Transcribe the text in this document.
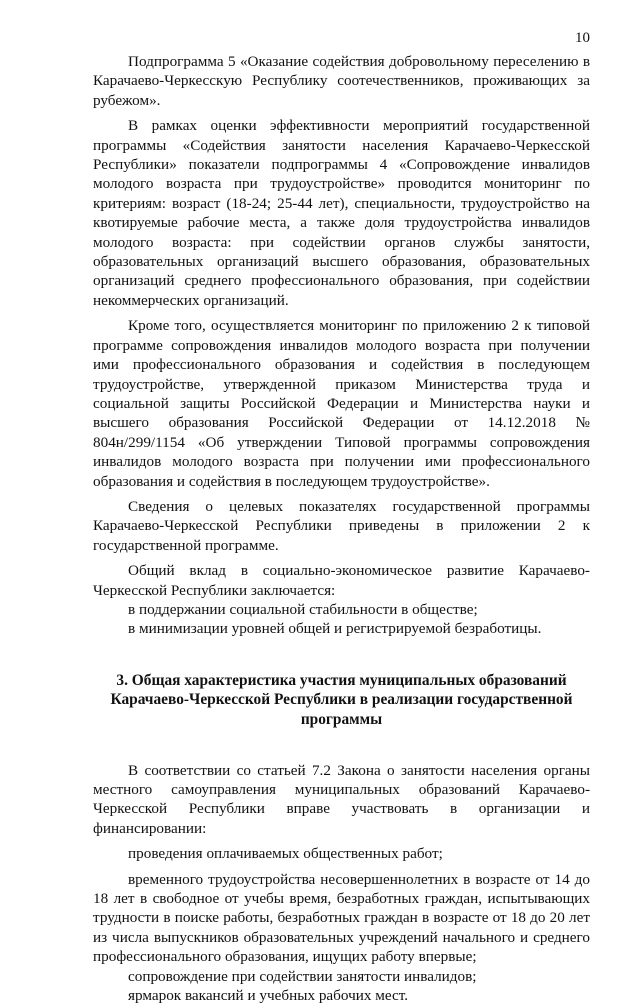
10

Подпрограмма 5 «Оказание содействия добровольному переселению в Карачаево-Черкесскую Республику соотечественников, проживающих за рубежом».

В рамках оценки эффективности мероприятий государственной программы «Содействия занятости населения Карачаево-Черкесской Республики» показатели подпрограммы 4 «Сопровождение инвалидов молодого возраста при трудоустройстве» проводится мониторинг по критериям: возраст (18-24; 25-44 лет), специальности, трудоустройство на квотируемые рабочие места, а также доля трудоустройства инвалидов молодого возраста: при содействии органов службы занятости, образовательных организаций высшего образования, образовательных организаций среднего профессионального образования, при содействии некоммерческих организаций.

Кроме того, осуществляется мониторинг по приложению 2 к типовой программе сопровождения инвалидов молодого возраста при получении ими профессионального образования и содействия в последующем трудоустройстве, утвержденной приказом Министерства труда и социальной защиты Российской Федерации и Министерства науки и высшего образования Российской Федерации от 14.12.2018 № 804н/299/1154 «Об утверждении Типовой программы сопровождения инвалидов молодого возраста при получении ими профессионального образования и содействия в последующем трудоустройстве».

Сведения о целевых показателях государственной программы Карачаево-Черкесской Республики приведены в приложении 2 к государственной программе.

Общий вклад в социально-экономическое развитие Карачаево-Черкесской Республики заключается:

в поддержании социальной стабильности в обществе;

в минимизации уровней общей и регистрируемой безработицы.

3. Общая характеристика участия муниципальных образований Карачаево-Черкесской Республики в реализации государственной программы

В соответствии со статьей 7.2 Закона о занятости населения органы местного самоуправления муниципальных образований Карачаево-Черкесской Республики вправе участвовать в организации и финансировании:

проведения оплачиваемых общественных работ;

временного трудоустройства несовершеннолетних в возрасте от 14 до 18 лет в свободное от учебы время, безработных граждан, испытывающих трудности в поиске работы, безработных граждан в возрасте от 18 до 20 лет из числа выпускников образовательных учреждений начального и среднего профессионального образования, ищущих работу впервые;

сопровождение при содействии занятости инвалидов;

ярмарок вакансий и учебных рабочих мест.
